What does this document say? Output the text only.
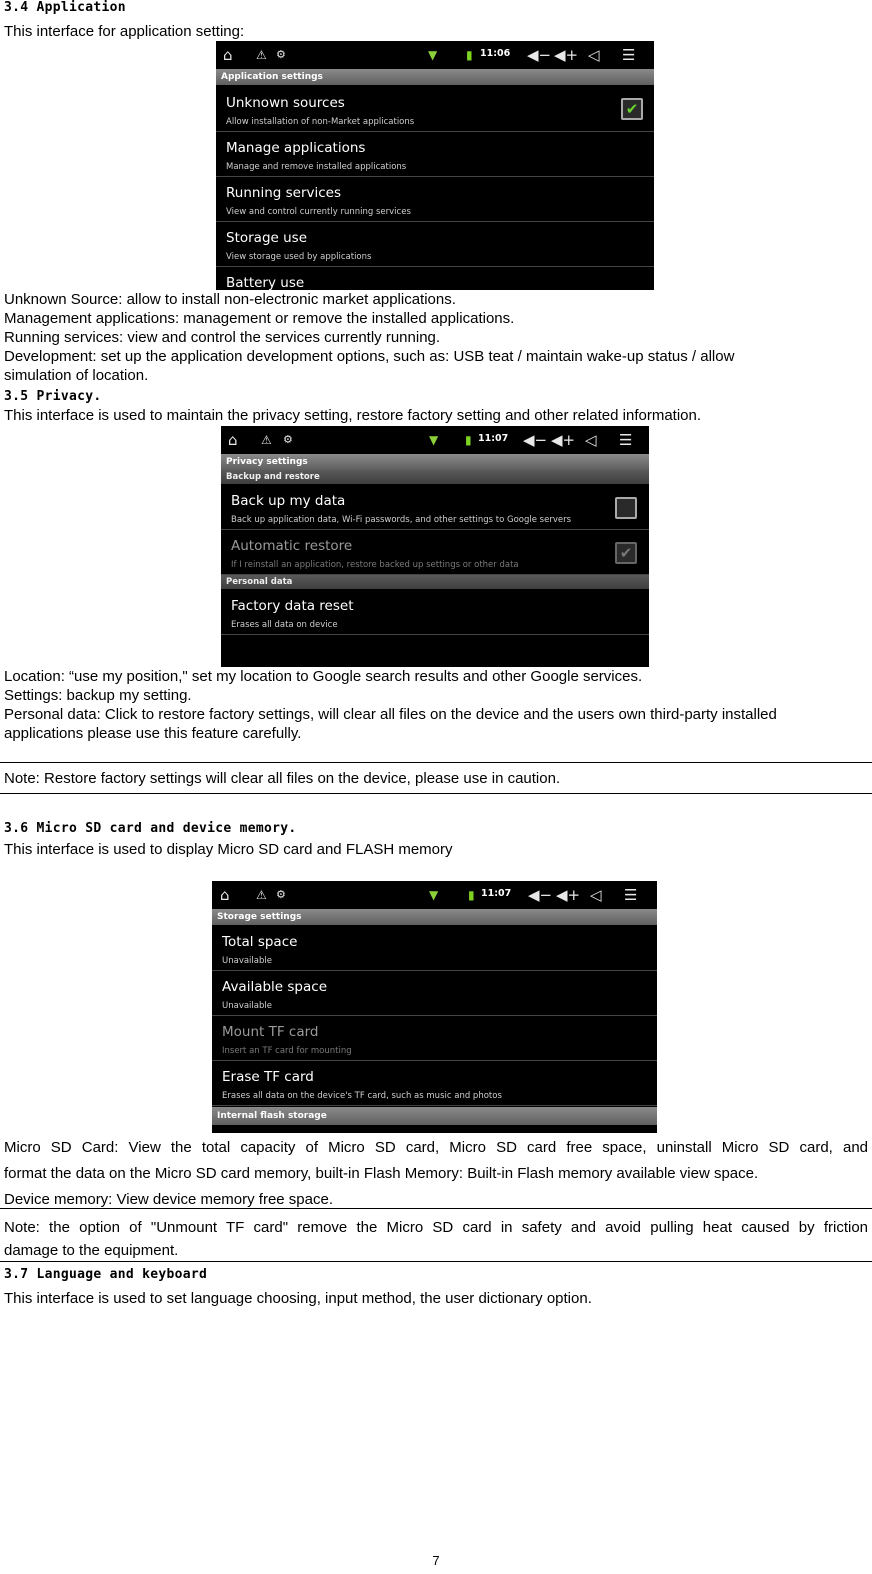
3.4 Application
This interface for application setting:
⌂ ⚠ ⚙	▼ ▮ 11:06 ◀− ◀+ ◁ ☰
Application settings
Unknown sources
Allow installation of non-Market applications
✔
Manage applications
Manage and remove installed applications
Running services
View and control currently running services
Storage use
View storage used by applications
Battery use
Unknown Source: allow to install non-electronic market applications.
Management applications: management or remove the installed applications.
Running services: view and control the services currently running.
Development: set up the application development options, such as: USB teat / maintain wake-up status / allow
simulation of location.
3.5 Privacy.
This interface is used to maintain the privacy setting, restore factory setting and other related information.
⌂ ⚠ ⚙	▼ ▮ 11:07 ◀− ◀+ ◁ ☰
Privacy settings
Backup and restore
Back up my data
Back up application data, Wi-Fi passwords, and other settings to Google servers
Automatic restore
If I reinstall an application, restore backed up settings or other data
✔
Personal data
Factory data reset
Erases all data on device
Location: “use my position," set my location to Google search results and other Google services.
Settings: backup my setting.
Personal data: Click to restore factory settings, will clear all files on the device and the users own third-party installed
applications please use this feature carefully.
Note: Restore factory settings will clear all files on the device, please use in caution.
3.6 Micro SD card and device memory.
This interface is used to display Micro SD card and FLASH memory
⌂ ⚠ ⚙	▼ ▮ 11:07 ◀− ◀+ ◁ ☰
Storage settings
Total space
Unavailable
Available space
Unavailable
Mount TF card
Insert an TF card for mounting
Erase TF card
Erases all data on the device's TF card, such as music and photos
Internal flash storage
Micro SD Card: View the total capacity of Micro SD card, Micro SD card free space, uninstall Micro SD card, and
format the data on the Micro SD card memory, built-in Flash Memory: Built-in Flash memory available view space.
Device memory: View device memory free space.
Note: the option of "Unmount TF card" remove the Micro SD card in safety and avoid pulling heat caused by friction
damage to the equipment.
3.7 Language and keyboard
This interface is used to set language choosing, input method, the user dictionary option.
7
